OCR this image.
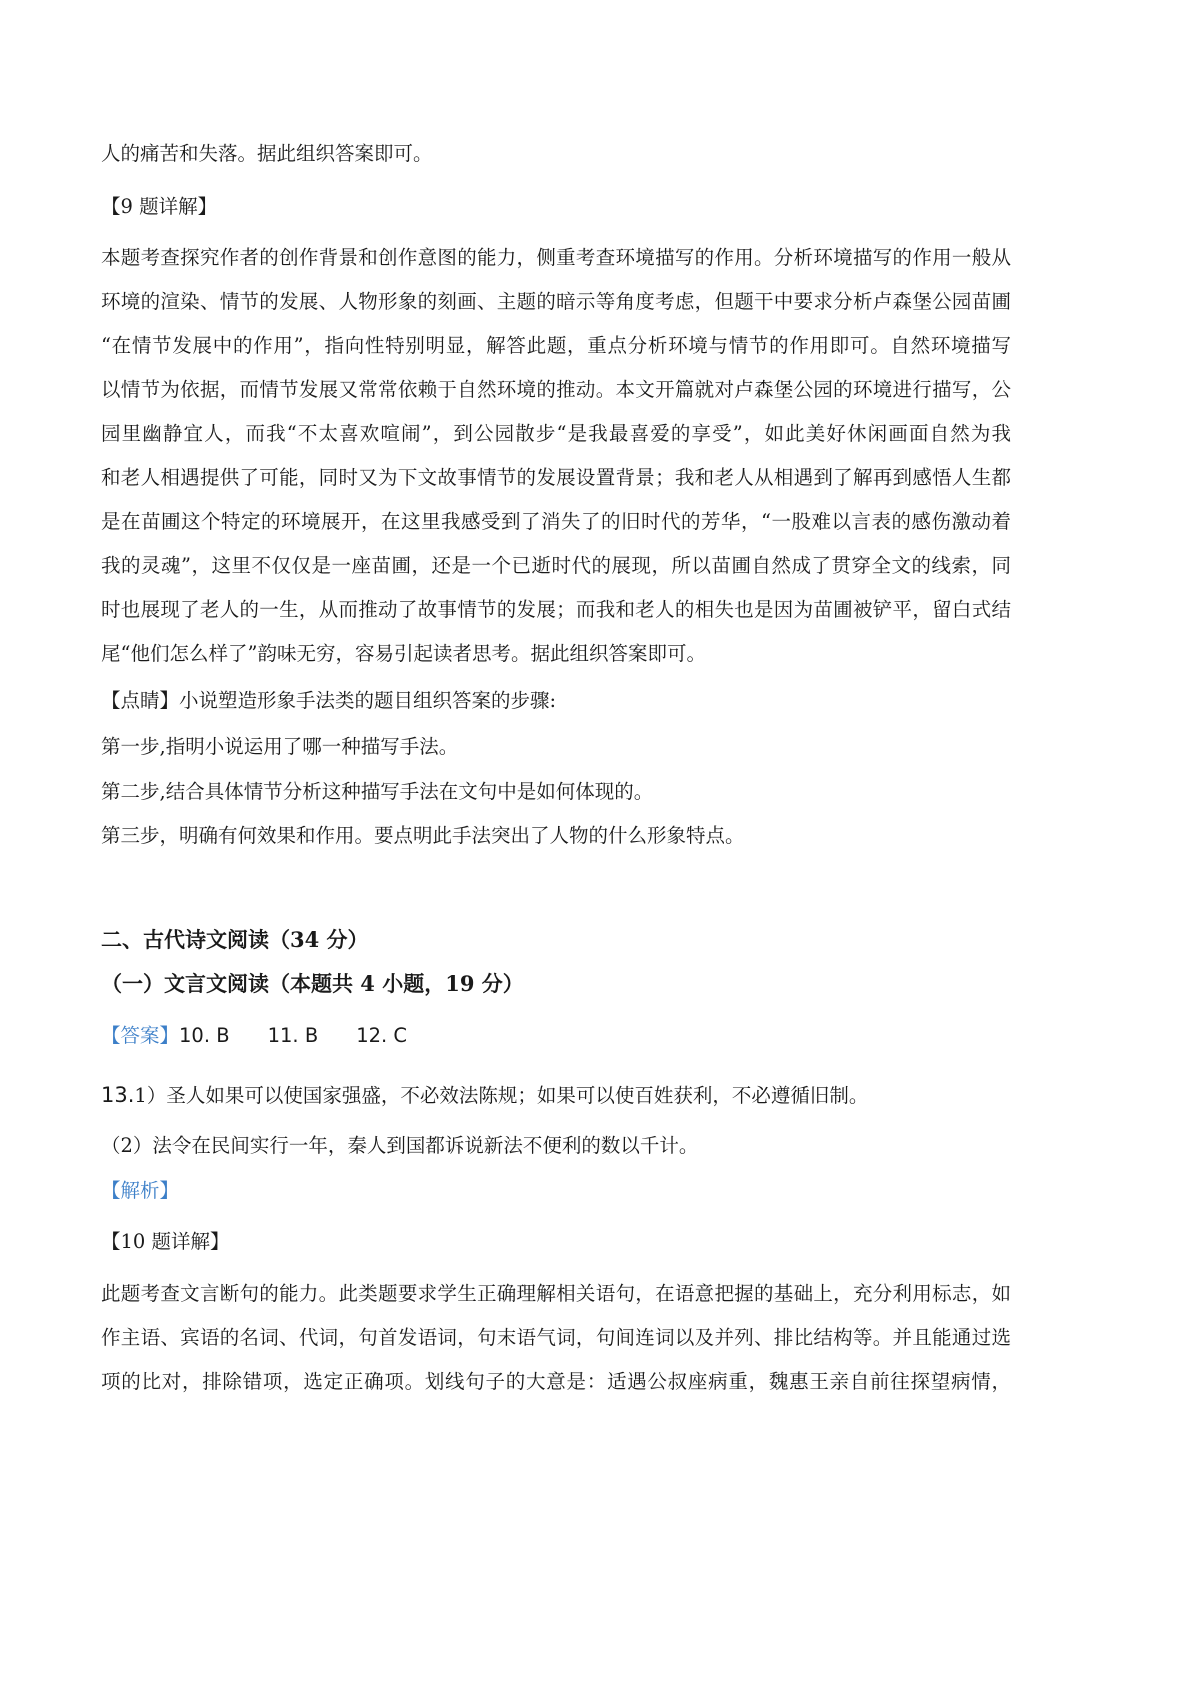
人的痛苦和失落。据此组织答案即可。
【9 题详解】
本题考查探究作者的创作背景和创作意图的能力，侧重考查环境描写的作用。分析环境描写的作用一般从
环境的渲染、情节的发展、人物形象的刻画、主题的暗示等角度考虑，但题干中要求分析卢森堡公园苗圃
“在情节发展中的作用”，指向性特别明显，解答此题，重点分析环境与情节的作用即可。自然环境描写
以情节为依据，而情节发展又常常依赖于自然环境的推动。本文开篇就对卢森堡公园的环境进行描写，公
园里幽静宜人，而我“不太喜欢喧闹”，到公园散步“是我最喜爱的享受”，如此美好休闲画面自然为我
和老人相遇提供了可能，同时又为下文故事情节的发展设置背景；我和老人从相遇到了解再到感悟人生都
是在苗圃这个特定的环境展开，在这里我感受到了消失了的旧时代的芳华，“一股难以言表的感伤激动着
我的灵魂”，这里不仅仅是一座苗圃，还是一个已逝时代的展现，所以苗圃自然成了贯穿全文的线索，同
时也展现了老人的一生，从而推动了故事情节的发展；而我和老人的相失也是因为苗圃被铲平，留白式结
尾“他们怎么样了”韵味无穷，容易引起读者思考。据此组织答案即可。
【点睛】小说塑造形象手法类的题目组织答案的步骤:
第一步,指明小说运用了哪一种描写手法。
第二步,结合具体情节分析这种描写手法在文句中是如何体现的。
第三步，明确有何效果和作用。要点明此手法突出了人物的什么形象特点。
二、古代诗文阅读（34 分）
（一）文言文阅读（本题共 4 小题，19 分）
【答案】10. B 11. B 12. C
13.1）圣人如果可以使国家强盛，不必效法陈规；如果可以使百姓获利，不必遵循旧制。
（2）法令在民间实行一年，秦人到国都诉说新法不便利的数以千计。
【解析】
【10 题详解】
此题考查文言断句的能力。此类题要求学生正确理解相关语句，在语意把握的基础上，充分利用标志，如
作主语、宾语的名词、代词，句首发语词，句末语气词，句间连词以及并列、排比结构等。并且能通过选
项的比对，排除错项，选定正确项。划线句子的大意是：适遇公叔座病重，魏惠王亲自前往探望病情，
